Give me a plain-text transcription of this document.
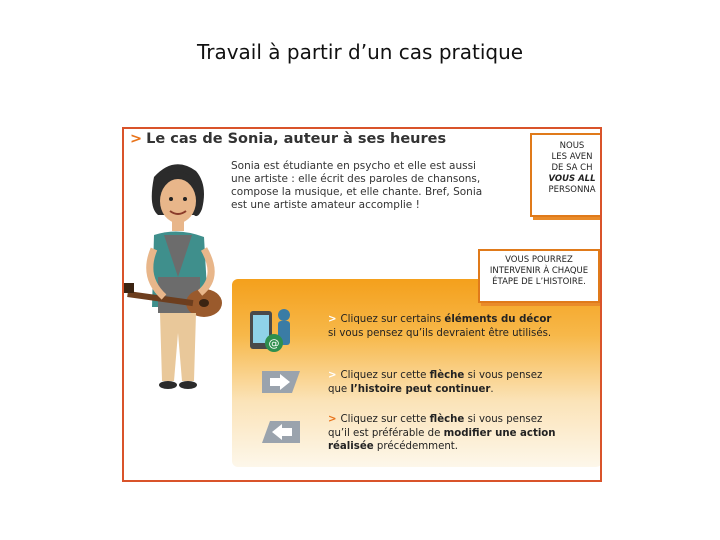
Travail à partir d’un cas pratique
> Le cas de Sonia, auteur à ses heures
Sonia est étudiante en psycho et elle est aussi une artiste : elle écrit des paroles de chansons, compose la musique, et elle chante. Bref, Sonia est une artiste amateur accomplie !
NOUS
LES AVEN
DE SA CH
VOUS ALL
PERSONNA
VOUS POURREZ
INTERVENIR À CHAQUE
ÉTAPE DE L’HISTOIRE.
@
> Cliquez sur certains éléments du décor
si vous pensez qu’ils devraient être utilisés.
> Cliquez sur cette flèche si vous pensez
que l’histoire peut continuer.
> Cliquez sur cette flèche si vous pensez
qu’il est préférable de modifier une action réalisée précédemment.
